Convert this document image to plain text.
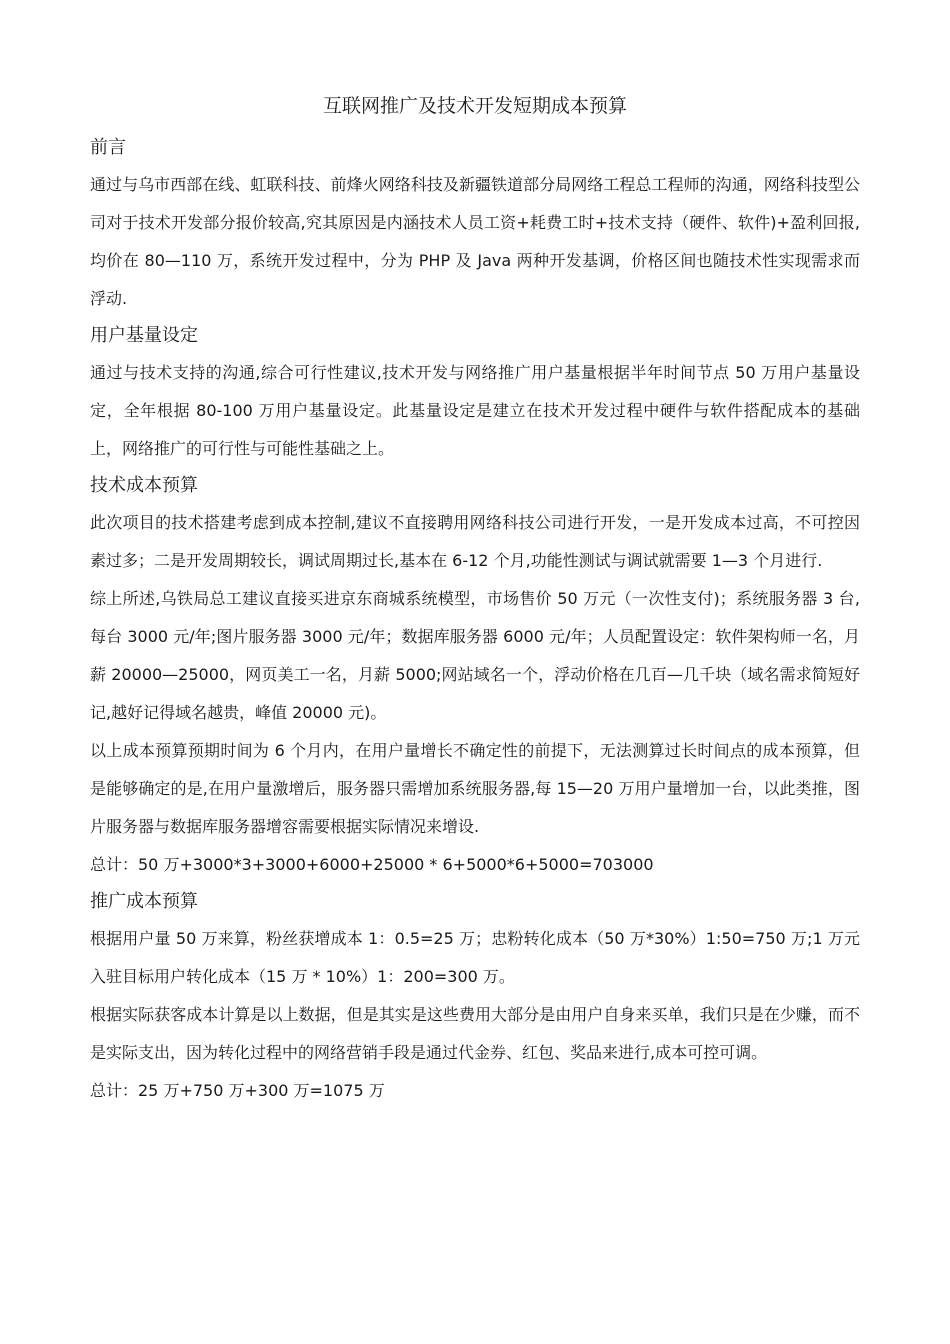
互联网推广及技术开发短期成本预算
前言

通过与乌市西部在线、虹联科技、前烽火网络科技及新疆铁道部分局网络工程总工程师的沟通，网络科技型公司对于技术开发部分报价较高,究其原因是内涵技术人员工资+耗费工时+技术支持（硬件、软件)+盈利回报,均价在 80—110 万，系统开发过程中，分为 PHP 及 Java 两种开发基调，价格区间也随技术性实现需求而浮动.

用户基量设定

通过与技术支持的沟通,综合可行性建议,技术开发与网络推广用户基量根据半年时间节点 50 万用户基量设定，全年根据 80-100 万用户基量设定。此基量设定是建立在技术开发过程中硬件与软件搭配成本的基础上，网络推广的可行性与可能性基础之上。

技术成本预算

此次项目的技术搭建考虑到成本控制,建议不直接聘用网络科技公司进行开发，一是开发成本过高，不可控因素过多；二是开发周期较长，调试周期过长,基本在 6-12 个月,功能性测试与调试就需要 1—3 个月进行.

综上所述,乌铁局总工建议直接买进京东商城系统模型，市场售价 50 万元（一次性支付)；系统服务器 3 台,每台 3000 元/年;图片服务器 3000 元/年；数据库服务器 6000 元/年；人员配置设定：软件架构师一名，月薪 20000—25000，网页美工一名，月薪 5000;网站域名一个，浮动价格在几百—几千块（域名需求简短好记,越好记得域名越贵，峰值 20000 元)。

以上成本预算预期时间为 6 个月内，在用户量增长不确定性的前提下，无法测算过长时间点的成本预算，但是能够确定的是,在用户量激增后，服务器只需增加系统服务器,每 15—20 万用户量增加一台，以此类推，图片服务器与数据库服务器增容需要根据实际情况来增设.

总计：50 万+3000*3+3000+6000+25000 * 6+5000*6+5000=703000

推广成本预算

根据用户量 50 万来算，粉丝获增成本 1：0.5=25 万；忠粉转化成本（50 万*30%）1:50=750 万;1 万元入驻目标用户转化成本（15 万 * 10%）1：200=300 万。

根据实际获客成本计算是以上数据，但是其实是这些费用大部分是由用户自身来买单，我们只是在少赚，而不是实际支出，因为转化过程中的网络营销手段是通过代金券、红包、奖品来进行,成本可控可调。

总计：25 万+750 万+300 万=1075 万
